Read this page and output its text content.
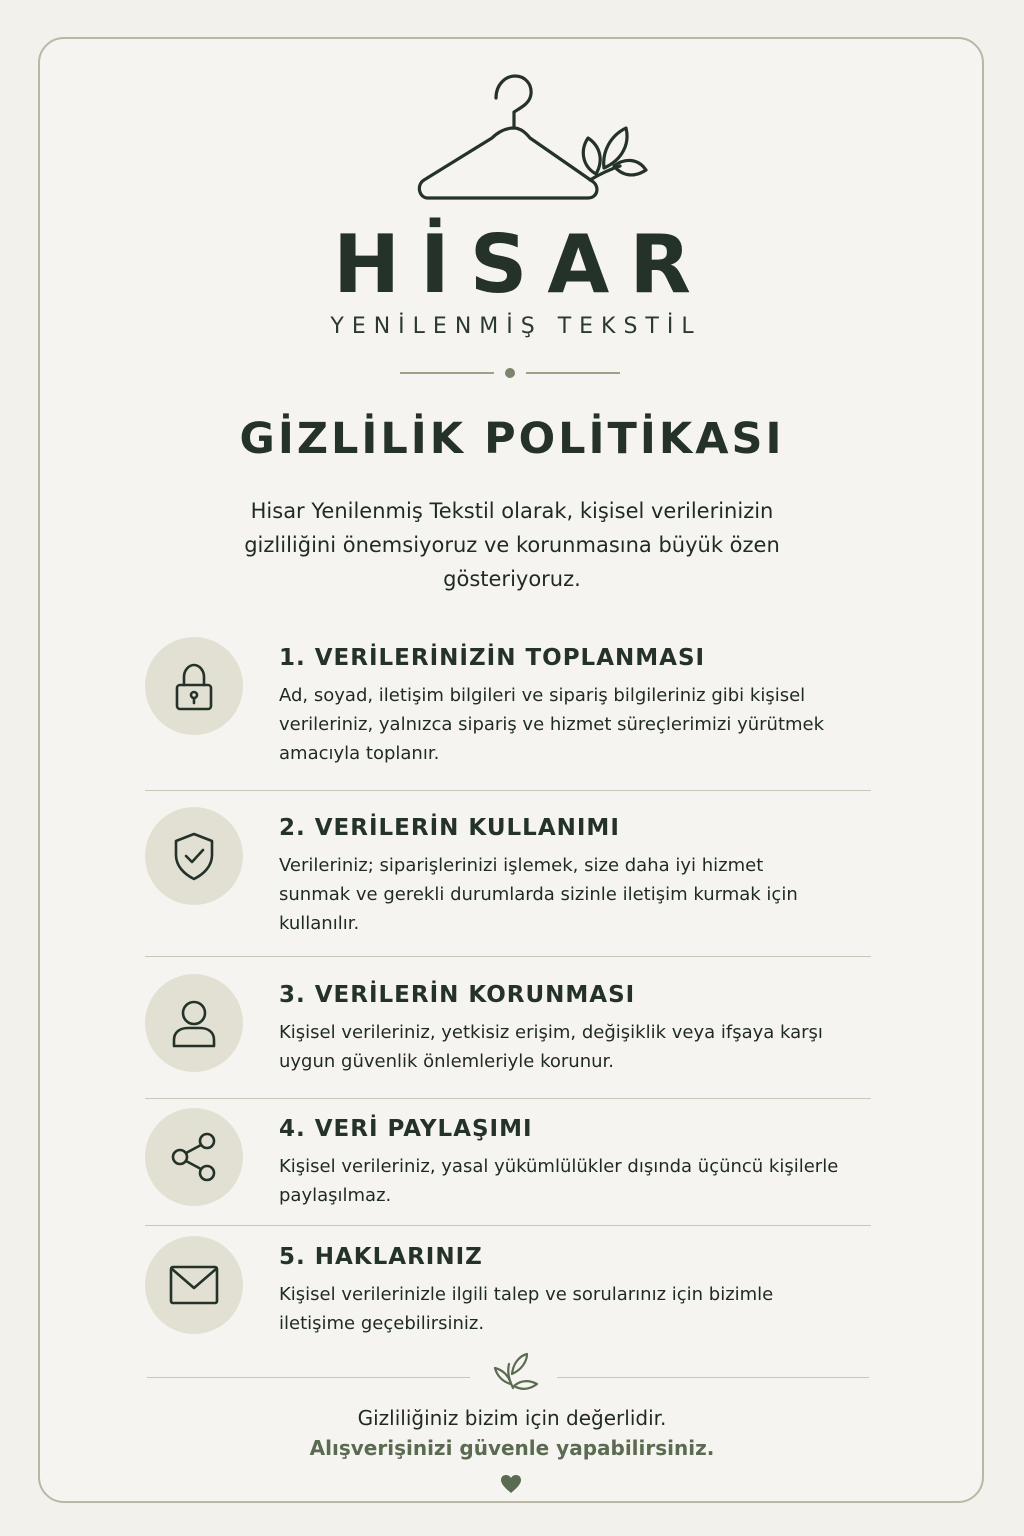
HİSAR
YENİLENMİŞ TEKSTİL
GİZLİLİK POLİTİKASI
Hisar Yenilenmiş Tekstil olarak, kişisel verilerinizin gizliliğini önemsiyoruz ve korunmasına büyük özen gösteriyoruz.
1. VERİLERİNİZİN TOPLANMASI
Ad, soyad, iletişim bilgileri ve sipariş bilgileriniz gibi kişisel verileriniz, yalnızca sipariş ve hizmet süreçlerimizi yürütmek amacıyla toplanır.
2. VERİLERİN KULLANIMI
Verileriniz; siparişlerinizi işlemek, size daha iyi hizmet sunmak ve gerekli durumlarda sizinle iletişim kurmak için kullanılır.
3. VERİLERİN KORUNMASI
Kişisel verileriniz, yetkisiz erişim, değişiklik veya ifşaya karşı uygun güvenlik önlemleriyle korunur.
4. VERİ PAYLAŞIMI
Kişisel verileriniz, yasal yükümlülükler dışında üçüncü kişilerle paylaşılmaz.
5. HAKLARINIZ
Kişisel verilerinizle ilgili talep ve sorularınız için bizimle iletişime geçebilirsiniz.
Gizliliğiniz bizim için değerlidir.
Alışverişinizi güvenle yapabilirsiniz.
